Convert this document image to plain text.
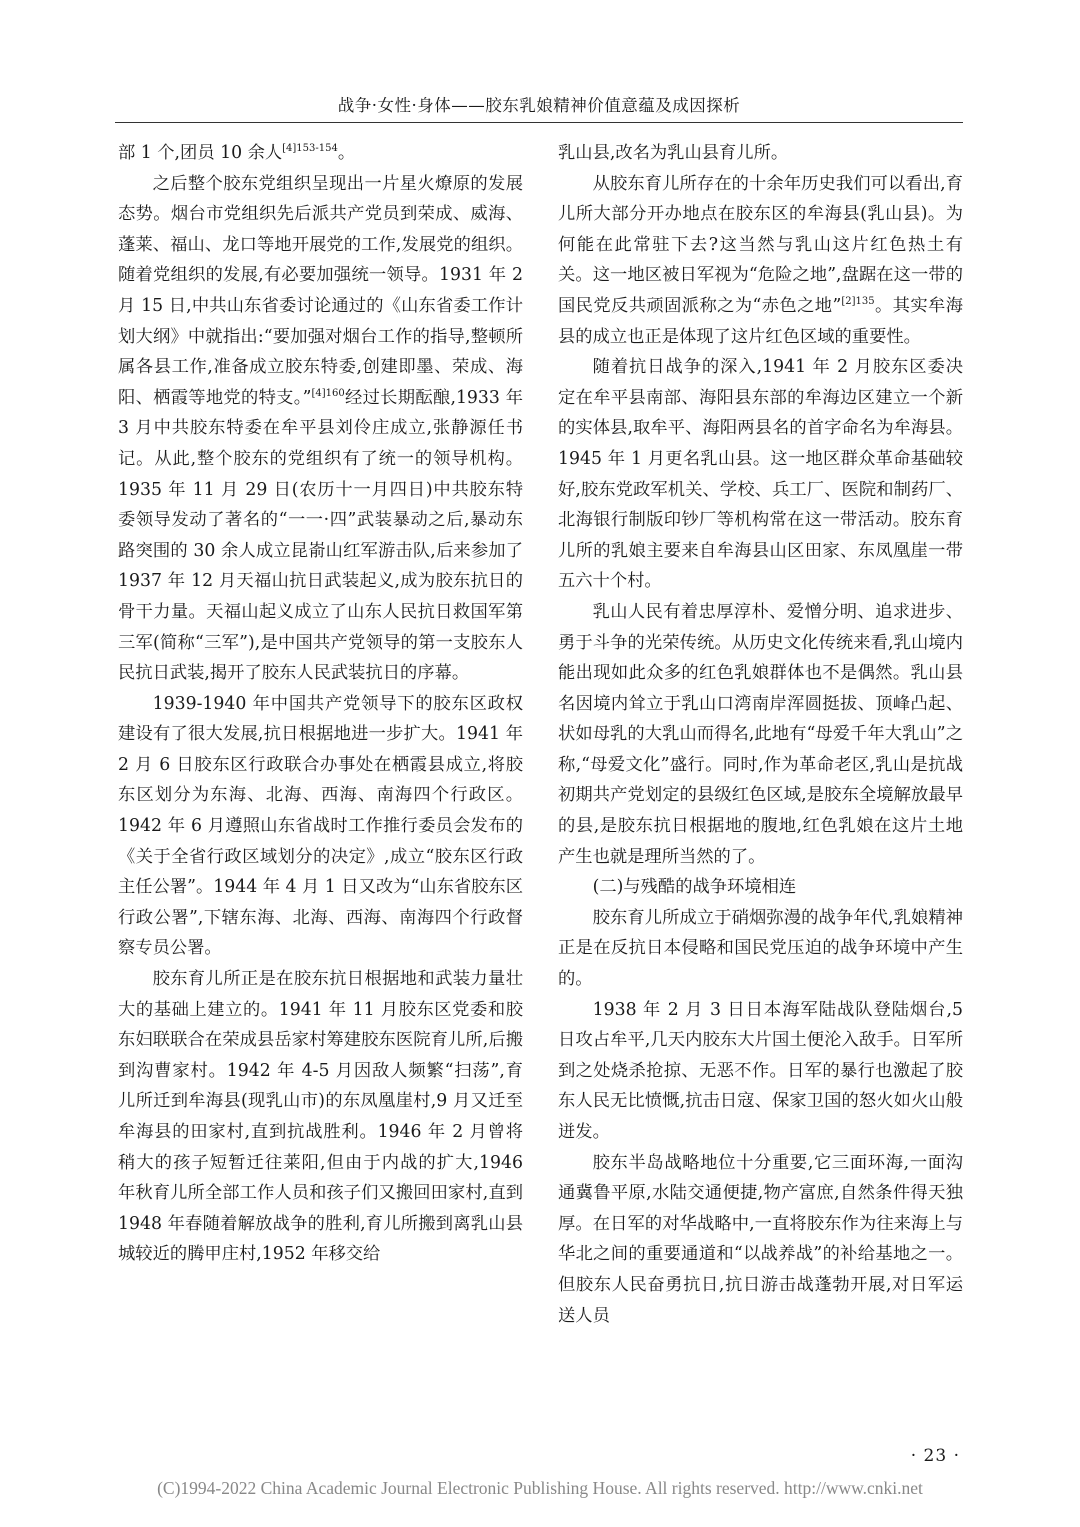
战争·女性·身体——胶东乳娘精神价值意蕴及成因探析

部 1 个,团员 10 余人$^{[4]153-154}$。

之后整个胶东党组织呈现出一片星火燎原的发展态势。烟台市党组织先后派共产党员到荣成、威海、蓬莱、福山、龙口等地开展党的工作,发展党的组织。随着党组织的发展,有必要加强统一领导。1931 年 2 月 15 日,中共山东省委讨论通过的《山东省委工作计划大纲》中就指出:“要加强对烟台工作的指导,整顿所属各县工作,准备成立胶东特委,创建即墨、荣成、海阳、栖霞等地党的特支。”$^{[4]160}$经过长期酝酿,1933 年 3 月中共胶东特委在牟平县刘伶庄成立,张静源任书记。从此,整个胶东的党组织有了统一的领导机构。1935 年 11 月 29 日(农历十一月四日)中共胶东特委领导发动了著名的“一一·四”武装暴动之后,暴动东路突围的 30 余人成立昆嵛山红军游击队,后来参加了 1937 年 12 月天福山抗日武装起义,成为胶东抗日的骨干力量。天福山起义成立了山东人民抗日救国军第三军(简称“三军”),是中国共产党领导的第一支胶东人民抗日武装,揭开了胶东人民武装抗日的序幕。

1939-1940 年中国共产党领导下的胶东区政权建设有了很大发展,抗日根据地进一步扩大。1941 年 2 月 6 日胶东区行政联合办事处在栖霞县成立,将胶东区划分为东海、北海、西海、南海四个行政区。1942 年 6 月遵照山东省战时工作推行委员会发布的《关于全省行政区域划分的决定》,成立“胶东区行政主任公署”。1944 年 4 月 1 日又改为“山东省胶东区行政公署”,下辖东海、北海、西海、南海四个行政督察专员公署。

胶东育儿所正是在胶东抗日根据地和武装力量壮大的基础上建立的。1941 年 11 月胶东区党委和胶东妇联联合在荣成县岳家村筹建胶东医院育儿所,后搬到沟曹家村。1942 年 4-5 月因敌人频繁“扫荡”,育儿所迁到牟海县(现乳山市)的东凤凰崖村,9 月又迁至牟海县的田家村,直到抗战胜利。1946 年 2 月曾将稍大的孩子短暂迁往莱阳,但由于内战的扩大,1946 年秋育儿所全部工作人员和孩子们又搬回田家村,直到 1948 年春随着解放战争的胜利,育儿所搬到离乳山县城较近的腾甲庄村,1952 年移交给

乳山县,改名为乳山县育儿所。

从胶东育儿所存在的十余年历史我们可以看出,育儿所大部分开办地点在胶东区的牟海县(乳山县)。为何能在此常驻下去?这当然与乳山这片红色热土有关。这一地区被日军视为“危险之地”,盘踞在这一带的国民党反共顽固派称之为“赤色之地”$^{[2]135}$。其实牟海县的成立也正是体现了这片红色区域的重要性。

随着抗日战争的深入,1941 年 2 月胶东区委决定在牟平县南部、海阳县东部的牟海边区建立一个新的实体县,取牟平、海阳两县名的首字命名为牟海县。1945 年 1 月更名乳山县。这一地区群众革命基础较好,胶东党政军机关、学校、兵工厂、医院和制药厂、北海银行制版印钞厂等机构常在这一带活动。胶东育儿所的乳娘主要来自牟海县山区田家、东凤凰崖一带五六十个村。

乳山人民有着忠厚淳朴、爱憎分明、追求进步、勇于斗争的光荣传统。从历史文化传统来看,乳山境内能出现如此众多的红色乳娘群体也不是偶然。乳山县名因境内耸立于乳山口湾南岸浑圆挺拔、顶峰凸起、状如母乳的大乳山而得名,此地有“母爱千年大乳山”之称,“母爱文化”盛行。同时,作为革命老区,乳山是抗战初期共产党划定的县级红色区域,是胶东全境解放最早的县,是胶东抗日根据地的腹地,红色乳娘在这片土地产生也就是理所当然的了。

(二)与残酷的战争环境相连

胶东育儿所成立于硝烟弥漫的战争年代,乳娘精神正是在反抗日本侵略和国民党压迫的战争环境中产生的。

1938 年 2 月 3 日日本海军陆战队登陆烟台,5 日攻占牟平,几天内胶东大片国土便沦入敌手。日军所到之处烧杀抢掠、无恶不作。日军的暴行也激起了胶东人民无比愤慨,抗击日寇、保家卫国的怒火如火山般迸发。

胶东半岛战略地位十分重要,它三面环海,一面沟通冀鲁平原,水陆交通便捷,物产富庶,自然条件得天独厚。在日军的对华战略中,一直将胶东作为往来海上与华北之间的重要通道和“以战养战”的补给基地之一。但胶东人民奋勇抗日,抗日游击战蓬勃开展,对日军运送人员

· 23 ·
(C)1994-2022 China Academic Journal Electronic Publishing House. All rights reserved. http://www.cnki.net
